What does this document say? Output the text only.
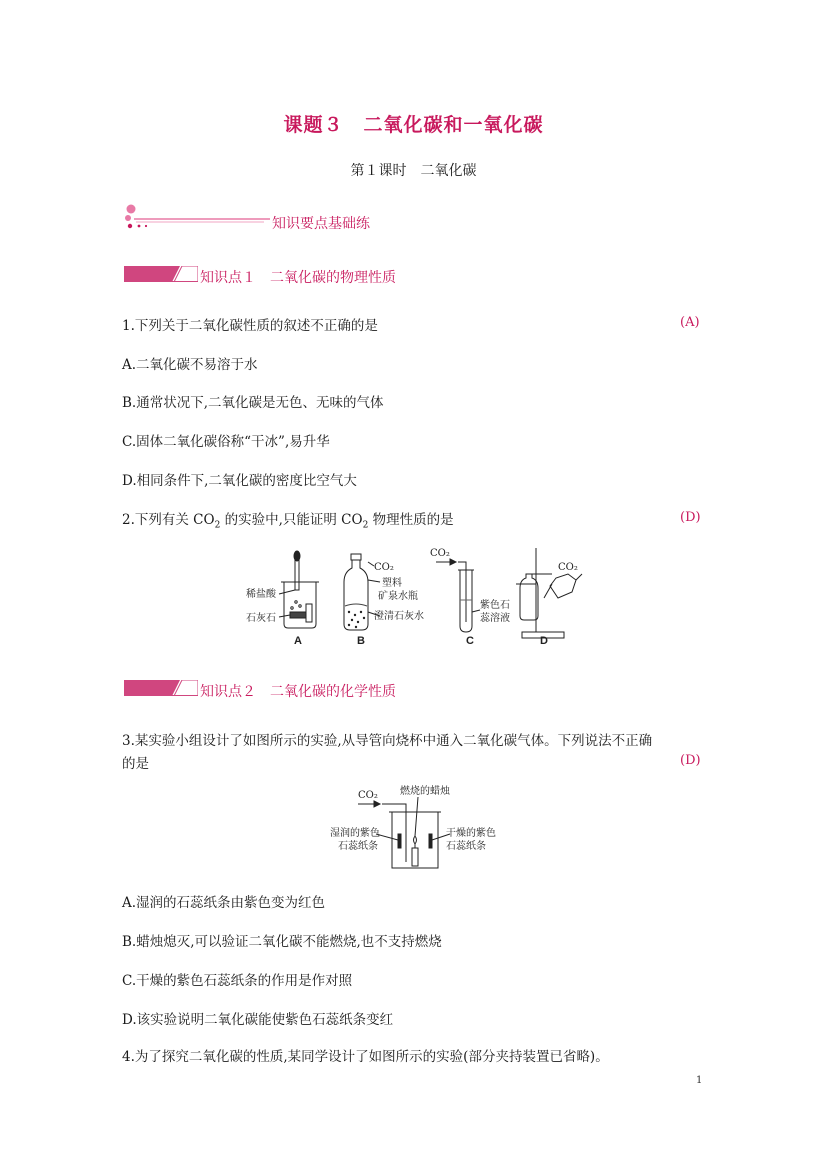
课题３　二氧化碳和一氧化碳
第１课时　二氧化碳
知识要点基础练
知识点１　二氧化碳的物理性质
1.下列关于二氧化碳性质的叙述不正确的是	(A)
A.二氧化碳不易溶于水
B.通常状况下,二氧化碳是无色、无味的气体
C.固体二氧化碳俗称“干冰”,易升华
D.相同条件下,二氧化碳的密度比空气大
2.下列有关 $CO_2$ 的实验中,只能证明 $CO_2$ 物理性质的是	(D)
稀盐酸
石灰石
CO₂
塑料
矿泉水瓶
澄清石灰水
CO₂
紫色石
蕊溶液
CO₂
A	B	C	D
知识点２　二氧化碳的化学性质
3.某实验小组设计了如图所示的实验,从导管向烧杯中通入二氧化碳气体。下列说法不正确
的是	(D)
CO₂ 燃烧的蜡烛
湿润的紫色
石蕊纸条
干燥的紫色
石蕊纸条
A.湿润的石蕊纸条由紫色变为红色
B.蜡烛熄灭,可以验证二氧化碳不能燃烧,也不支持燃烧
C.干燥的紫色石蕊纸条的作用是作对照
D.该实验说明二氧化碳能使紫色石蕊纸条变红
4.为了探究二氧化碳的性质,某同学设计了如图所示的实验(部分夹持装置已省略)。
1
